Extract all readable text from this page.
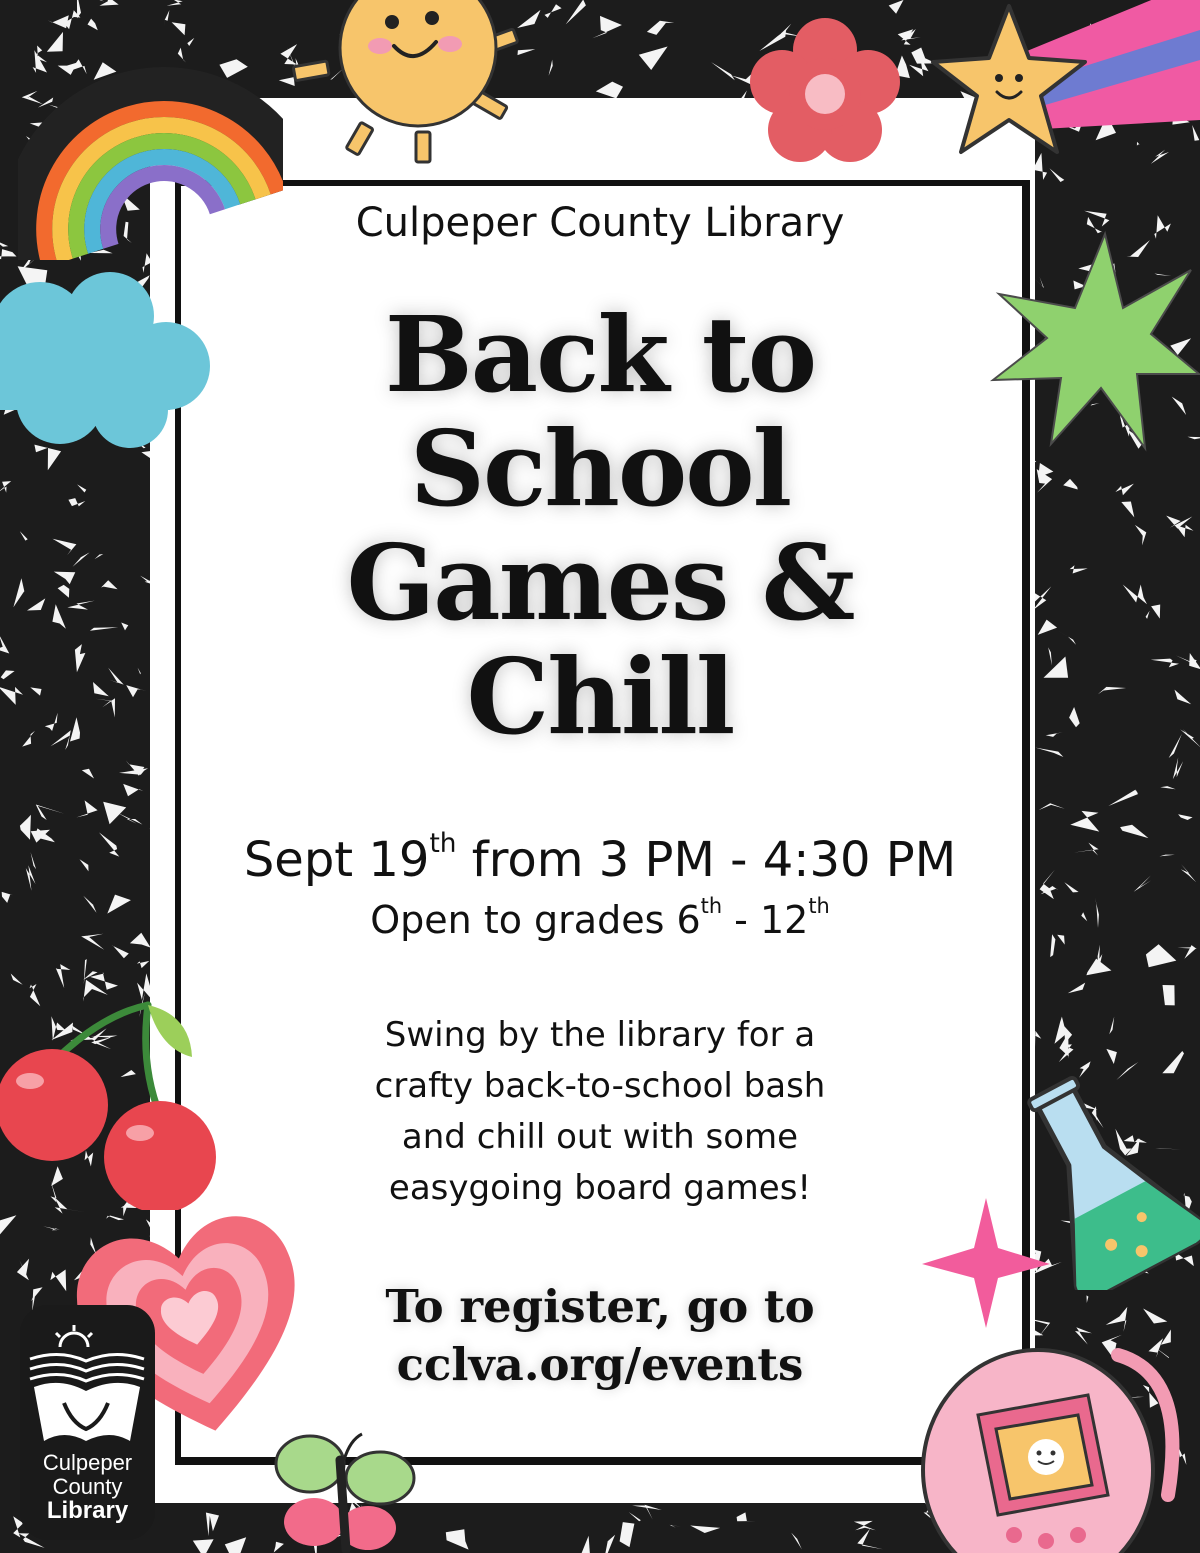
Culpeper County Library
Back to
School
Games &
Chill
Sept 19th from 3 PM - 4:30 PM
Open to grades 6th - 12th
Swing by the library for a
crafty back-to-school bash
and chill out with some
easygoing board games!
To register, go to
cclva.org/events
Culpeper
County
Library
